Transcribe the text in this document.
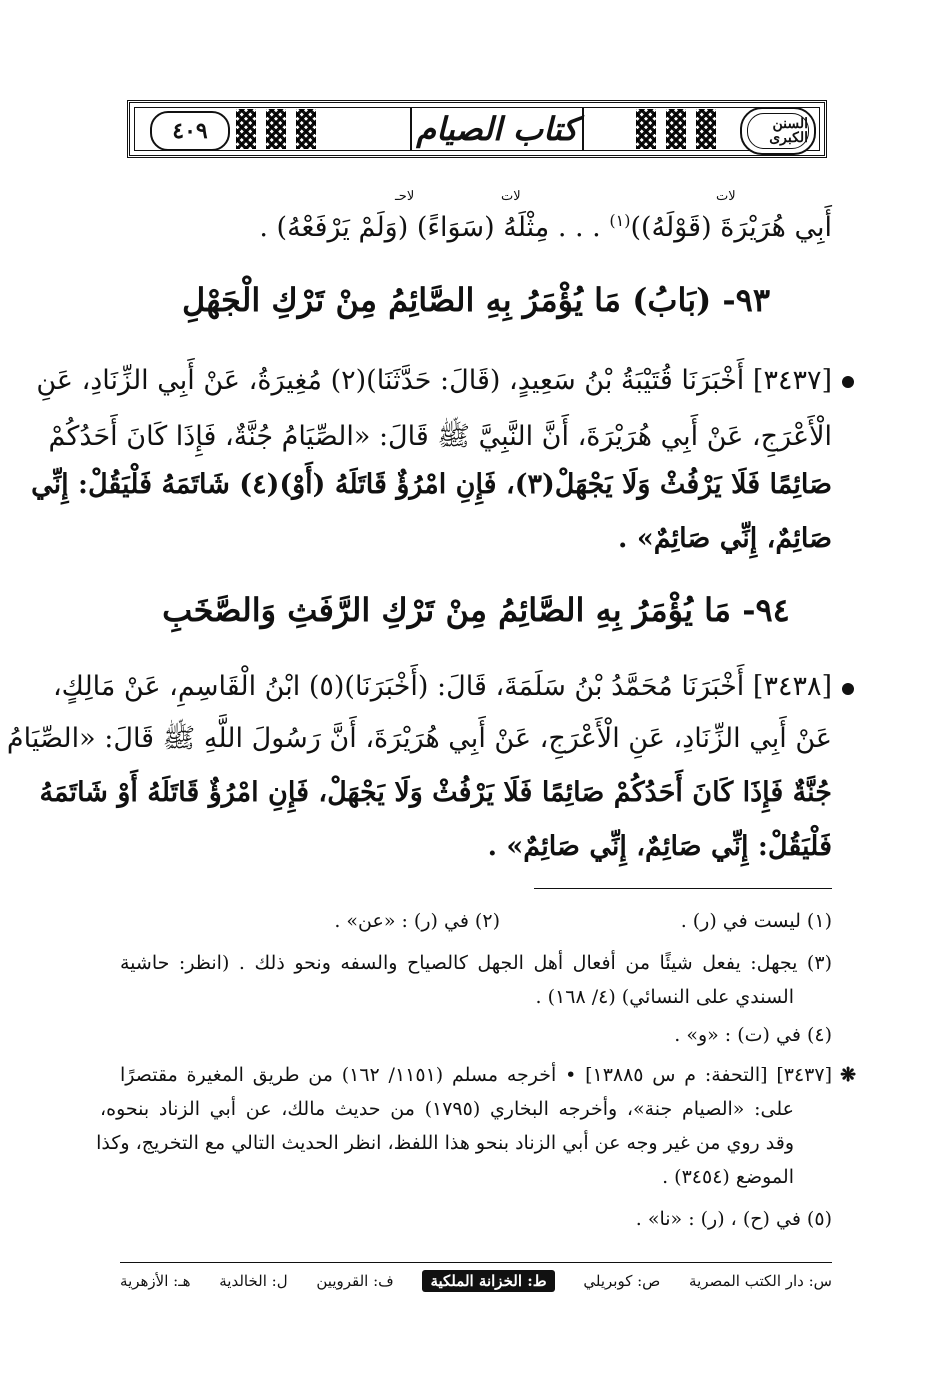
٤٠٩	كتاب الصيام	السنن الكبرى
لات
لات
لاحـ
أَبِي هُرَيْرَةَ (قَوْلَهُ))$^{(١)}$ . . . مِثْلَهُ (سَوَاءً) (وَلَمْ يَرْفَعْهُ) .
٩٣- (بَابُ) مَا يُؤْمَرُ بِهِ الصَّائِمُ مِنْ تَرْكِ الْجَهْلِ
[٣٤٣٧] أَخْبَرَنَا قُتَيْبَةُ بْنُ سَعِيدٍ، (قَالَ: حَدَّثَنَا)(٢) مُغِيرَةُ، عَنْ أَبِي الزِّنَادِ، عَنِ
الْأَعْرَجِ، عَنْ أَبِي هُرَيْرَةَ، أَنَّ النَّبِيَّ ﷺ قَالَ: «الصِّيَامُ جُنَّةٌ، فَإِذَا كَانَ أَحَدُكُمْ
صَائِمًا فَلَا يَرْفُثْ وَلَا يَجْهَلْ(٣)، فَإِنِ امْرُؤٌ قَاتَلَهُ (أَوْ)(٤) شَاتَمَهُ فَلْيَقُلْ: إِنِّي
صَائِمٌ، إِنِّي صَائِمٌ» .
٩٤- مَا يُؤْمَرُ بِهِ الصَّائِمُ مِنْ تَرْكِ الرَّفَثِ وَالصَّخَبِ
[٣٤٣٨] أَخْبَرَنَا مُحَمَّدُ بْنُ سَلَمَةَ، قَالَ: (أَخْبَرَنَا)(٥) ابْنُ الْقَاسِمِ، عَنْ مَالِكٍ،
عَنْ أَبِي الزِّنَادِ، عَنِ الْأَعْرَجِ، عَنْ أَبِي هُرَيْرَةَ، أَنَّ رَسُولَ اللَّهِ ﷺ قَالَ: «الصِّيَامُ
جُنَّةٌ فَإِذَا كَانَ أَحَدُكُمْ صَائِمًا فَلَا يَرْفُثْ وَلَا يَجْهَلْ، فَإِنِ امْرُؤٌ قَاتَلَهُ أَوْ شَاتَمَهُ
فَلْيَقُلْ: إِنِّي صَائِمٌ، إِنِّي صَائِمٌ» .
(١) ليست في (ر) .(٢) في (ر) : «عن» .
(٣) يجهل: يفعل شيئًا من أفعال أهل الجهل كالصياح والسفه ونحو ذلك . (انظر: حاشية
السندي على النسائي) (٤/ ١٦٨) .
(٤) في (ت) : «و» .
❋
[٣٤٣٧] [التحفة: م س ١٣٨٨٥] • أخرجه مسلم (١١٥١/ ١٦٢) من طريق المغيرة مقتصرًا
على: «الصيام جنة»، وأخرجه البخاري (١٧٩٥) من حديث مالك، عن أبي الزناد بنحوه،
وقد روي من غير وجه عن أبي الزناد بنحو هذا اللفظ، انظر الحديث التالي مع التخريج، وكذا
الموضع (٣٤٥٤) .
(٥) في (ح) ، (ر) : «نا» .
س: دار الكتب المصرية
ص: كوبريلي
ط: الخزانة الملكية
ف: القرويين
ل: الخالدية
هـ: الأزهرية
